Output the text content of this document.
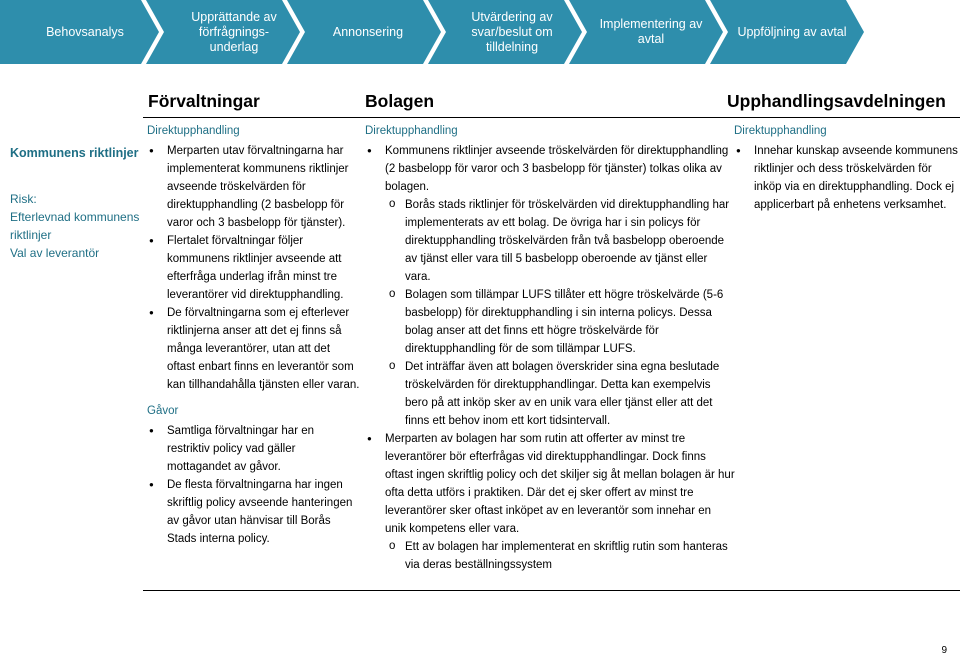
Behovsanalys
Upprättande av förfrågnings-underlag
Annonsering
Utvärdering av svar/beslut om tilldelning
Implementering av avtal
Uppföljning av avtal
Förvaltningar	Bolagen	Upphandlingsavdelningen
Kommunens riktlinjer
Risk:
Efterlevnad kommunens riktlinjer
Val av leverantör
Direktupphandling
● Merparten utav förvaltningarna har implementerat kommunens riktlinjer avseende tröskelvärden för direktupphandling (2 basbelopp för varor och 3 basbelopp för tjänster).
● Flertalet förvaltningar följer kommunens riktlinjer avseende att efterfråga underlag ifrån minst tre leverantörer vid direktupphandling.
● De förvaltningarna som ej efterlever riktlinjerna anser att det ej finns så många leverantörer, utan att det oftast enbart finns en leverantör som kan tillhandahålla tjänsten eller varan.
Gåvor
● Samtliga förvaltningar har en restriktiv policy vad gäller mottagandet av gåvor.
● De flesta förvaltningarna har ingen skriftlig policy avseende hanteringen av gåvor utan hänvisar till Borås Stads interna policy.
Direktupphandling
● Kommunens riktlinjer avseende tröskelvärden för direktupphandling (2 basbelopp för varor och 3 basbelopp för tjänster) tolkas olika av bolagen.
o Borås stads riktlinjer för tröskelvärden vid direktupphandling har implementerats av ett bolag. De övriga har i sin policys för direktupphandling tröskelvärden från två basbelopp oberoende av tjänst eller vara till 5 basbelopp oberoende av tjänst eller vara.
o Bolagen som tillämpar LUFS tillåter ett högre tröskelvärde (5-6 basbelopp) för direktupphandling i sin interna policys. Dessa bolag anser att det finns ett högre tröskelvärde för direktupphandling för de som tillämpar LUFS.
o Det inträffar även att bolagen överskrider sina egna beslutade tröskelvärden för direktupphandlingar. Detta kan exempelvis bero på att inköp sker av en unik vara eller tjänst eller att det finns ett behov inom ett kort tidsintervall.
● Merparten av bolagen har som rutin att offerter av minst tre leverantörer bör efterfrågas vid direktupphandlingar. Dock finns oftast ingen skriftlig policy och det skiljer sig åt mellan bolagen är hur ofta detta utförs i praktiken. Där det ej sker offert av minst tre leverantörer sker oftast inköpet av en leverantör som innehar en unik kompetens eller vara.
o Ett av bolagen har implementerat en skriftlig rutin som hanteras via deras beställningssystem
Direktupphandling
● Innehar kunskap avseende kommunens riktlinjer och dess tröskelvärden för inköp via en direktupphandling. Dock ej applicerbart på enhetens verksamhet.
9
